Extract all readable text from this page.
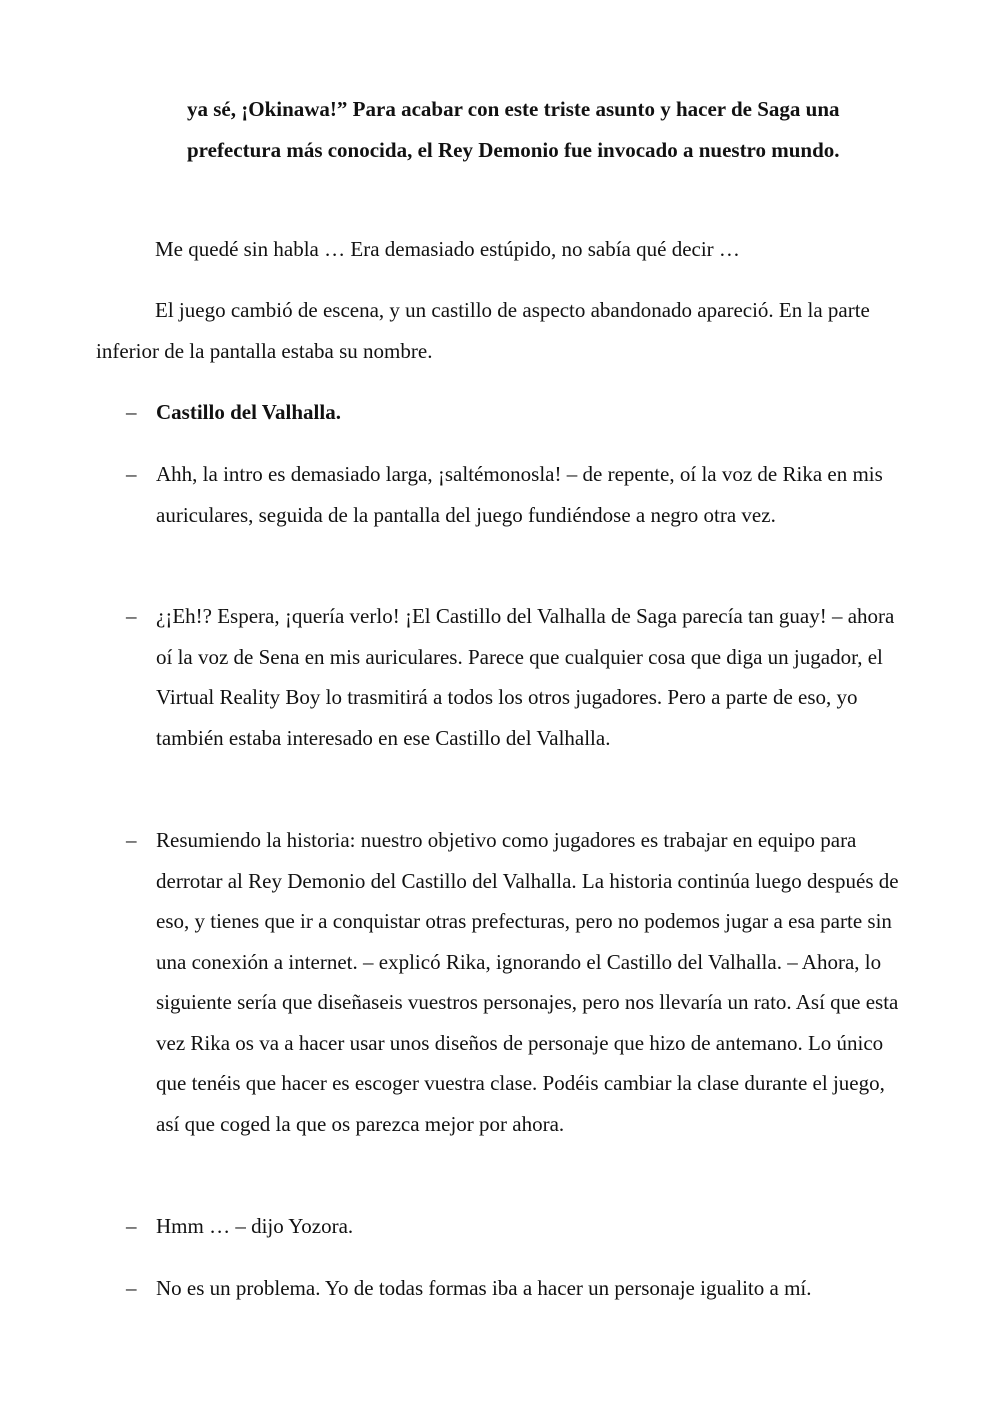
ya sé, ¡Okinawa!” Para acabar con este triste asunto y hacer de Saga una prefectura más conocida, el Rey Demonio fue invocado a nuestro mundo.

Me quedé sin habla … Era demasiado estúpido, no sabía qué decir …

El juego cambió de escena, y un castillo de aspecto abandonado apareció. En la parte inferior de la pantalla estaba su nombre.

– Castillo del Valhalla.
– Ahh, la intro es demasiado larga, ¡saltémonosla! – de repente, oí la voz de Rika en mis auriculares, seguida de la pantalla del juego fundiéndose a negro otra vez.
– ¿¡Eh!? Espera, ¡quería verlo! ¡El Castillo del Valhalla de Saga parecía tan guay! – ahora oí la voz de Sena en mis auriculares. Parece que cualquier cosa que diga un jugador, el Virtual Reality Boy lo trasmitirá a todos los otros jugadores. Pero a parte de eso, yo también estaba interesado en ese Castillo del Valhalla.
– Resumiendo la historia: nuestro objetivo como jugadores es trabajar en equipo para derrotar al Rey Demonio del Castillo del Valhalla. La historia continúa luego después de eso, y tienes que ir a conquistar otras prefecturas, pero no podemos jugar a esa parte sin una conexión a internet. – explicó Rika, ignorando el Castillo del Valhalla. – Ahora, lo siguiente sería que diseñaseis vuestros personajes, pero nos llevaría un rato. Así que esta vez Rika os va a hacer usar unos diseños de personaje que hizo de antemano. Lo único que tenéis que hacer es escoger vuestra clase. Podéis cambiar la clase durante el juego, así que coged la que os parezca mejor por ahora.
– Hmm … – dijo Yozora.
– No es un problema. Yo de todas formas iba a hacer un personaje igualito a mí.
